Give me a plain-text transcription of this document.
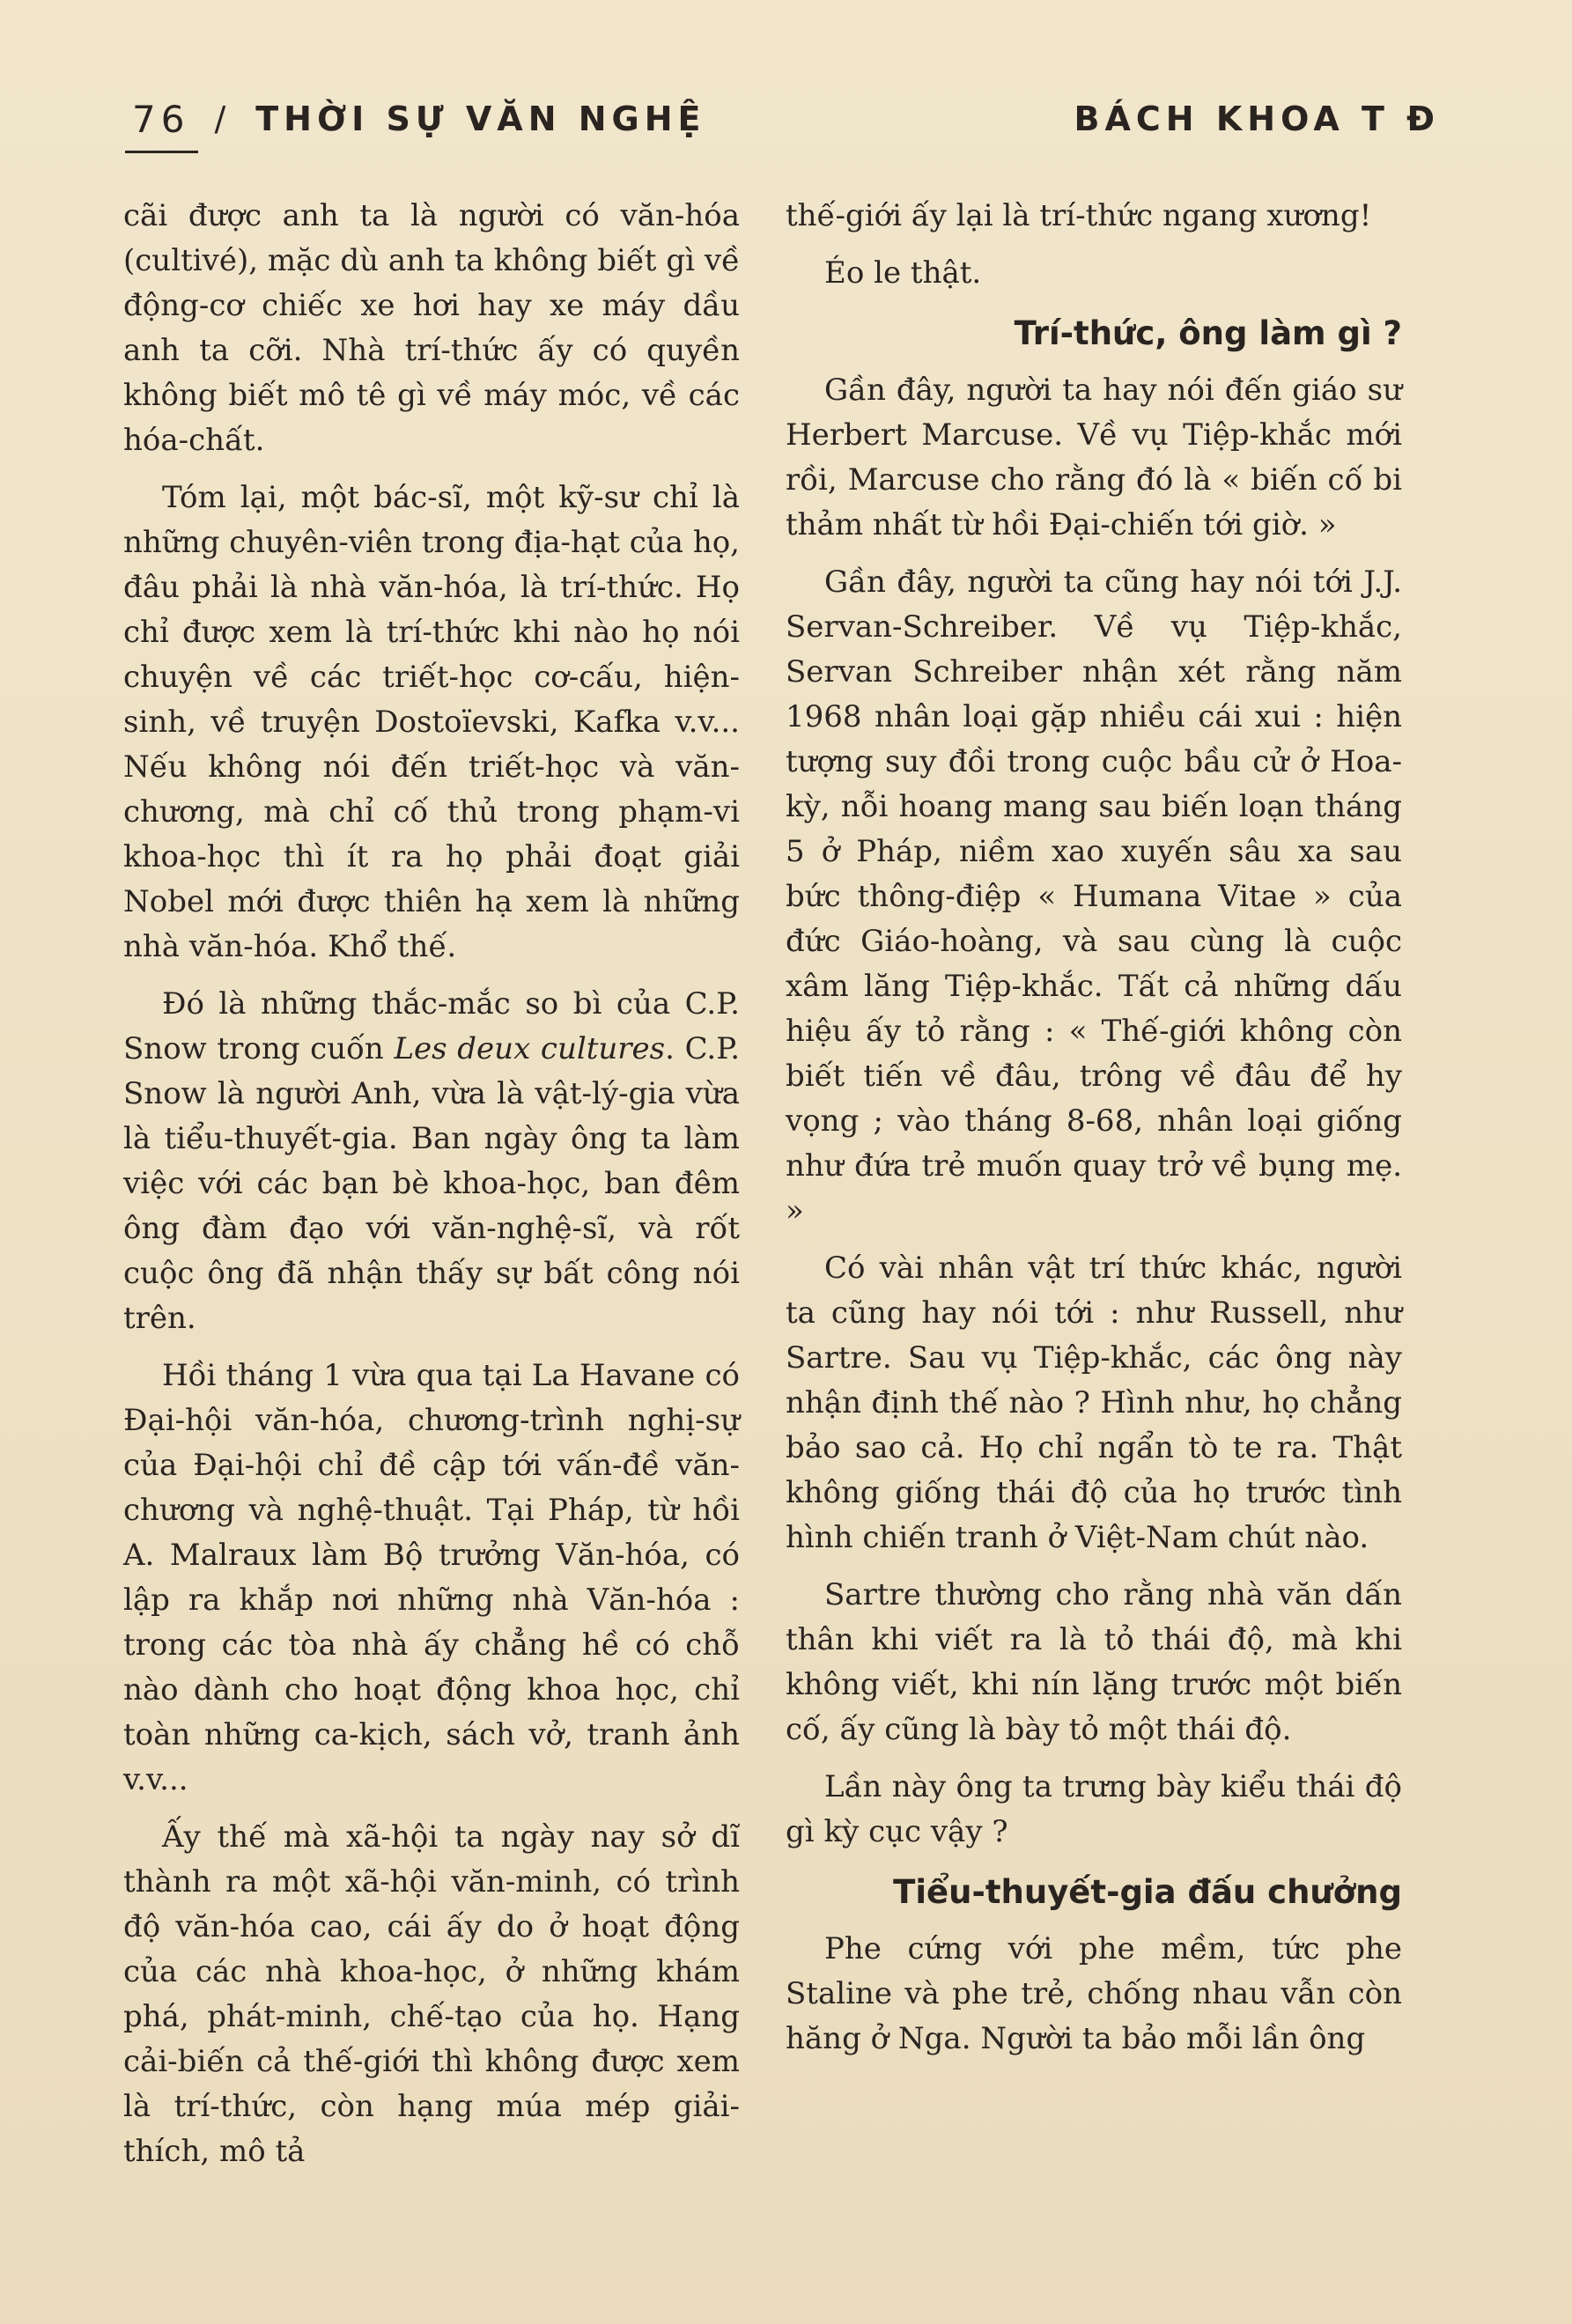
76 / THỜI SỰ VĂN NGHỆ	BÁCH KHOA T Đ

cãi được anh ta là người có văn-hóa (cultivé), mặc dù anh ta không biết gì về động-cơ chiếc xe hơi hay xe máy dầu anh ta cỡi. Nhà trí-thức ấy có quyền không biết mô tê gì về máy móc, về các hóa-chất.

Tóm lại, một bác-sĩ, một kỹ-sư chỉ là những chuyên-viên trong địa-hạt của họ, đâu phải là nhà văn-hóa, là trí-thức. Họ chỉ được xem là trí-thức khi nào họ nói chuyện về các triết-học cơ-cấu, hiện-sinh, về truyện Dostoïevski, Kafka v.v... Nếu không nói đến triết-học và văn-chương, mà chỉ cố thủ trong phạm-vi khoa-học thì ít ra họ phải đoạt giải Nobel mới được thiên hạ xem là những nhà văn-hóa. Khổ thế.

Đó là những thắc-mắc so bì của C.P. Snow trong cuốn Les deux cultures. C.P. Snow là người Anh, vừa là vật-lý-gia vừa là tiểu-thuyết-gia. Ban ngày ông ta làm việc với các bạn bè khoa-học, ban đêm ông đàm đạo với văn-nghệ-sĩ, và rốt cuộc ông đã nhận thấy sự bất công nói trên.

Hồi tháng 1 vừa qua tại La Havane có Đại-hội văn-hóa, chương-trình nghị-sự của Đại-hội chỉ đề cập tới vấn-đề văn-chương và nghệ-thuật. Tại Pháp, từ hồi A. Malraux làm Bộ trưởng Văn-hóa, có lập ra khắp nơi những nhà Văn-hóa : trong các tòa nhà ấy chẳng hề có chỗ nào dành cho hoạt động khoa học, chỉ toàn những ca-kịch, sách vở, tranh ảnh v.v...

Ấy thế mà xã-hội ta ngày nay sở dĩ thành ra một xã-hội văn-minh, có trình độ văn-hóa cao, cái ấy do ở hoạt động của các nhà khoa-học, ở những khám phá, phát-minh, chế-tạo của họ. Hạng cải-biến cả thế-giới thì không được xem là trí-thức, còn hạng múa mép giải-thích, mô tả

thế-giới ấy lại là trí-thức ngang xương!

Éo le thật.

Trí-thức, ông làm gì ?

Gần đây, người ta hay nói đến giáo sư Herbert Marcuse. Về vụ Tiệp-khắc mới rồi, Marcuse cho rằng đó là « biến cố bi thảm nhất từ hồi Đại-chiến tới giờ. »

Gần đây, người ta cũng hay nói tới J.J. Servan-Schreiber. Về vụ Tiệp-khắc, Servan Schreiber nhận xét rằng năm 1968 nhân loại gặp nhiều cái xui : hiện tượng suy đồi trong cuộc bầu cử ở Hoa-kỳ, nỗi hoang mang sau biến loạn tháng 5 ở Pháp, niềm xao xuyến sâu xa sau bức thông-điệp « Humana Vitae » của đức Giáo-hoàng, và sau cùng là cuộc xâm lăng Tiệp-khắc. Tất cả những dấu hiệu ấy tỏ rằng : « Thế-giới không còn biết tiến về đâu, trông về đâu để hy vọng ; vào tháng 8-68, nhân loại giống như đứa trẻ muốn quay trở về bụng mẹ. »

Có vài nhân vật trí thức khác, người ta cũng hay nói tới : như Russell, như Sartre. Sau vụ Tiệp-khắc, các ông này nhận định thế nào ? Hình như, họ chẳng bảo sao cả. Họ chỉ ngẩn tò te ra. Thật không giống thái độ của họ trước tình hình chiến tranh ở Việt-Nam chút nào.

Sartre thường cho rằng nhà văn dấn thân khi viết ra là tỏ thái độ, mà khi không viết, khi nín lặng trước một biến cố, ấy cũng là bày tỏ một thái độ.

Lần này ông ta trưng bày kiểu thái độ gì kỳ cục vậy ?

Tiểu-thuyết-gia đấu chưởng

Phe cứng với phe mềm, tức phe Staline và phe trẻ, chống nhau vẫn còn hăng ở Nga. Người ta bảo mỗi lần ông
